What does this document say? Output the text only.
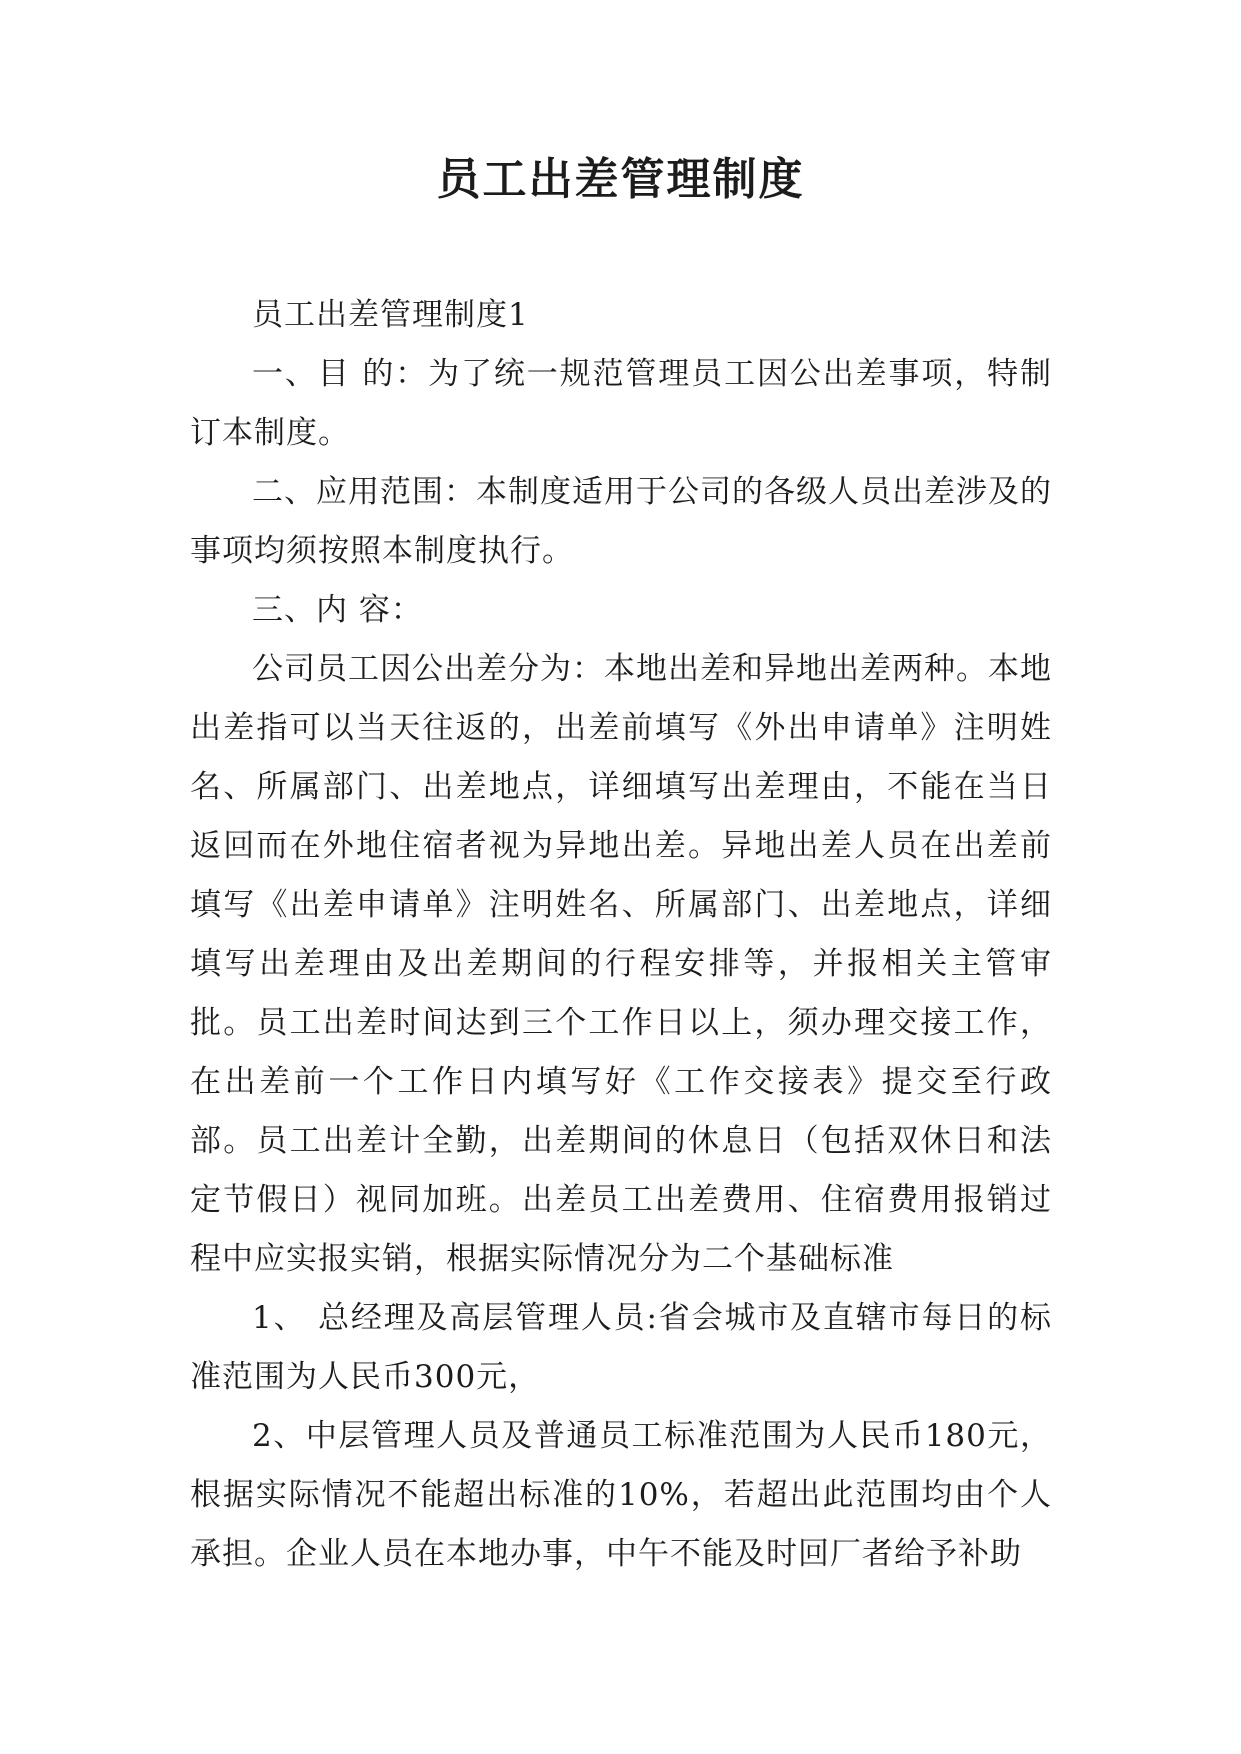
员工出差管理制度

员工出差管理制度1

一、目 的：为了统一规范管理员工因公出差事项，特制订本制度。

二、应用范围：本制度适用于公司的各级人员出差涉及的事项均须按照本制度执行。

三、内 容：

公司员工因公出差分为：本地出差和异地出差两种。本地出差指可以当天往返的，出差前填写《外出申请单》注明姓名、所属部门、出差地点，详细填写出差理由，不能在当日返回而在外地住宿者视为异地出差。异地出差人员在出差前填写《出差申请单》注明姓名、所属部门、出差地点，详细填写出差理由及出差期间的行程安排等，并报相关主管审批。员工出差时间达到三个工作日以上，须办理交接工作，在出差前一个工作日内填写好《工作交接表》提交至行政部。员工出差计全勤，出差期间的休息日（包括双休日和法定节假日）视同加班。出差员工出差费用、住宿费用报销过程中应实报实销，根据实际情况分为二个基础标准

1、 总经理及高层管理人员:省会城市及直辖市每日的标准范围为人民币300元，

2、中层管理人员及普通员工标准范围为人民币180元，根据实际情况不能超出标准的10%，若超出此范围均由个人承担。企业人员在本地办事，中午不能及时回厂者给予补助
